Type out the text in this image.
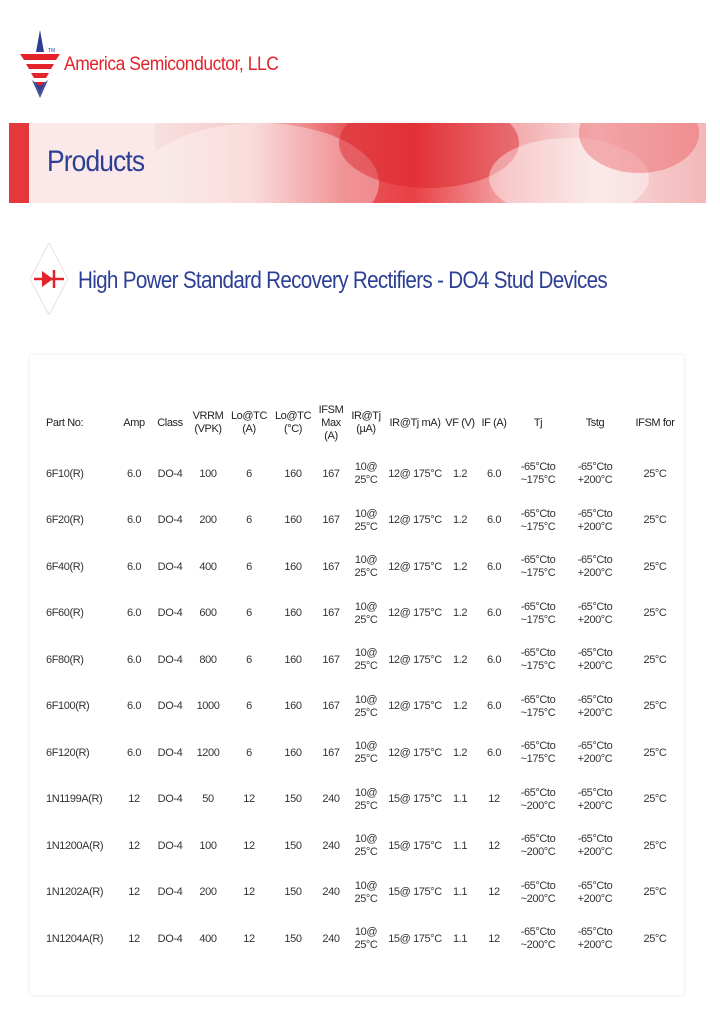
TM
America Semiconductor, LLC
Products
High Power Standard Recovery Rectifiers - DO4 Stud Devices
Part No:	Amp	Class	VRRM (VPK)	Lo@TC (A)	Lo@TC (°C)	IFSM Max (A)	IR@Tj (µA)	IR@Tj mA)	VF (V)	IF (A)	Tj	Tstg	IFSM for
6F10(R)	6.0	DO-4	100	6	160	167	10@ 25°C	12@ 175°C	1.2	6.0	-65°Cto ~175°C	-65°Cto +200°C	25°C
6F20(R)	6.0	DO-4	200	6	160	167	10@ 25°C	12@ 175°C	1.2	6.0	-65°Cto ~175°C	-65°Cto +200°C	25°C
6F40(R)	6.0	DO-4	400	6	160	167	10@ 25°C	12@ 175°C	1.2	6.0	-65°Cto ~175°C	-65°Cto +200°C	25°C
6F60(R)	6.0	DO-4	600	6	160	167	10@ 25°C	12@ 175°C	1.2	6.0	-65°Cto ~175°C	-65°Cto +200°C	25°C
6F80(R)	6.0	DO-4	800	6	160	167	10@ 25°C	12@ 175°C	1.2	6.0	-65°Cto ~175°C	-65°Cto +200°C	25°C
6F100(R)	6.0	DO-4	1000	6	160	167	10@ 25°C	12@ 175°C	1.2	6.0	-65°Cto ~175°C	-65°Cto +200°C	25°C
6F120(R)	6.0	DO-4	1200	6	160	167	10@ 25°C	12@ 175°C	1.2	6.0	-65°Cto ~175°C	-65°Cto +200°C	25°C
1N1199A(R)	12	DO-4	50	12	150	240	10@ 25°C	15@ 175°C	1.1	12	-65°Cto ~200°C	-65°Cto +200°C	25°C
1N1200A(R)	12	DO-4	100	12	150	240	10@ 25°C	15@ 175°C	1.1	12	-65°Cto ~200°C	-65°Cto +200°C	25°C
1N1202A(R)	12	DO-4	200	12	150	240	10@ 25°C	15@ 175°C	1.1	12	-65°Cto ~200°C	-65°Cto +200°C	25°C
1N1204A(R)	12	DO-4	400	12	150	240	10@ 25°C	15@ 175°C	1.1	12	-65°Cto ~200°C	-65°Cto +200°C	25°C
